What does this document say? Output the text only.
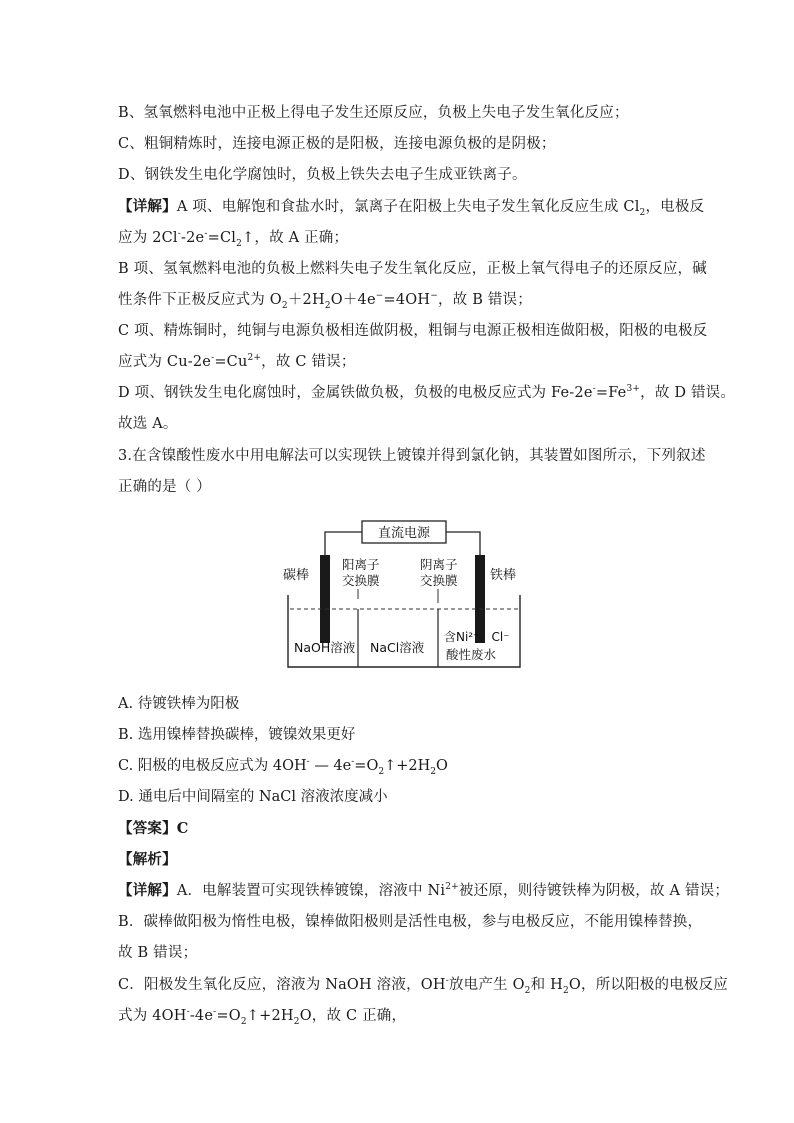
B、氢氧燃料电池中正极上得电子发生还原反应，负极上失电子发生氧化反应；
C、粗铜精炼时，连接电源正极的是阳极，连接电源负极的是阴极；
D、钢铁发生电化学腐蚀时，负极上铁失去电子生成亚铁离子。
【详解】A 项、电解饱和食盐水时，氯离子在阳极上失电子发生氧化反应生成 $Cl_2$，电极反
应为 $2Cl^--2e^-=Cl_2↑$，故 A 正确；
B 项、氢氧燃料电池的负极上燃料失电子发生氧化反应，正极上氧气得电子的还原反应，碱
性条件下正极反应式为 $O_2+2H_2O+4e^-=4OH^-$，故 B 错误；
C 项、精炼铜时，纯铜与电源负极相连做阴极，粗铜与电源正极相连做阳极，阳极的电极反
应式为 $Cu-2e^-=Cu^{2+}$，故 C 错误；
D 项、钢铁发生电化腐蚀时，金属铁做负极，负极的电极反应式为 $Fe-2e^-=Fe^{3+}$，故 D 错误。
故选 A。
3.在含镍酸性废水中用电解法可以实现铁上镀镍并得到氯化钠，其装置如图所示，下列叙述
正确的是（ ）
直流电源
碳棒	铁棒
阳离子
交换膜
阴离子
交换膜
NaOH溶液 NaCl溶液
含Ni²⁺、Cl⁻
酸性废水
A. 待镀铁棒为阳极
B. 选用镍棒替换碳棒，镀镍效果更好
C. 阳极的电极反应式为 4OH- — $4e^-=O_2↑+2H_2O$
D. 通电后中间隔室的 NaCl 溶液浓度减小
【答案】C
【解析】
【详解】A．电解装置可实现铁棒镀镍，溶液中 $Ni^{2+}$被还原，则待镀铁棒为阴极，故 A 错误；
B．碳棒做阳极为惰性电极，镍棒做阳极则是活性电极，参与电极反应，不能用镍棒替换，
故 B 错误；
C．阳极发生氧化反应，溶液为 NaOH 溶液，OH-放电产生 $O_2$和 $H_2O$，所以阳极的电极反应
式为 $4OH^--4e^-=O_2↑+2H_2O$，故 C 正确，
